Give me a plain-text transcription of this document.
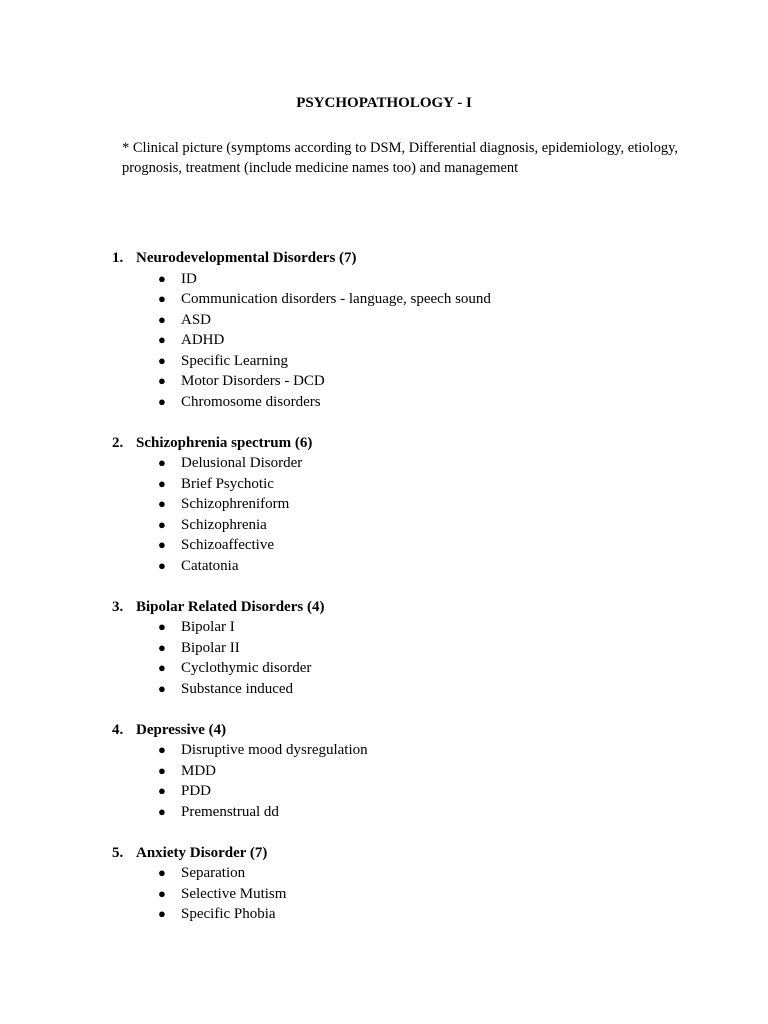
PSYCHOPATHOLOGY - I
* Clinical picture (symptoms according to DSM, Differential diagnosis, epidemiology, etiology,
prognosis, treatment (include medicine names too) and management
1. Neurodevelopmental Disorders (7)
● ID
● Communication disorders - language, speech sound
● ASD
● ADHD
● Specific Learning
● Motor Disorders - DCD
● Chromosome disorders
2. Schizophrenia spectrum (6)
● Delusional Disorder
● Brief Psychotic
● Schizophreniform
● Schizophrenia
● Schizoaffective
● Catatonia
3. Bipolar Related Disorders (4)
● Bipolar I
● Bipolar II
● Cyclothymic disorder
● Substance induced
4. Depressive (4)
● Disruptive mood dysregulation
● MDD
● PDD
● Premenstrual dd
5. Anxiety Disorder (7)
● Separation
● Selective Mutism
● Specific Phobia
